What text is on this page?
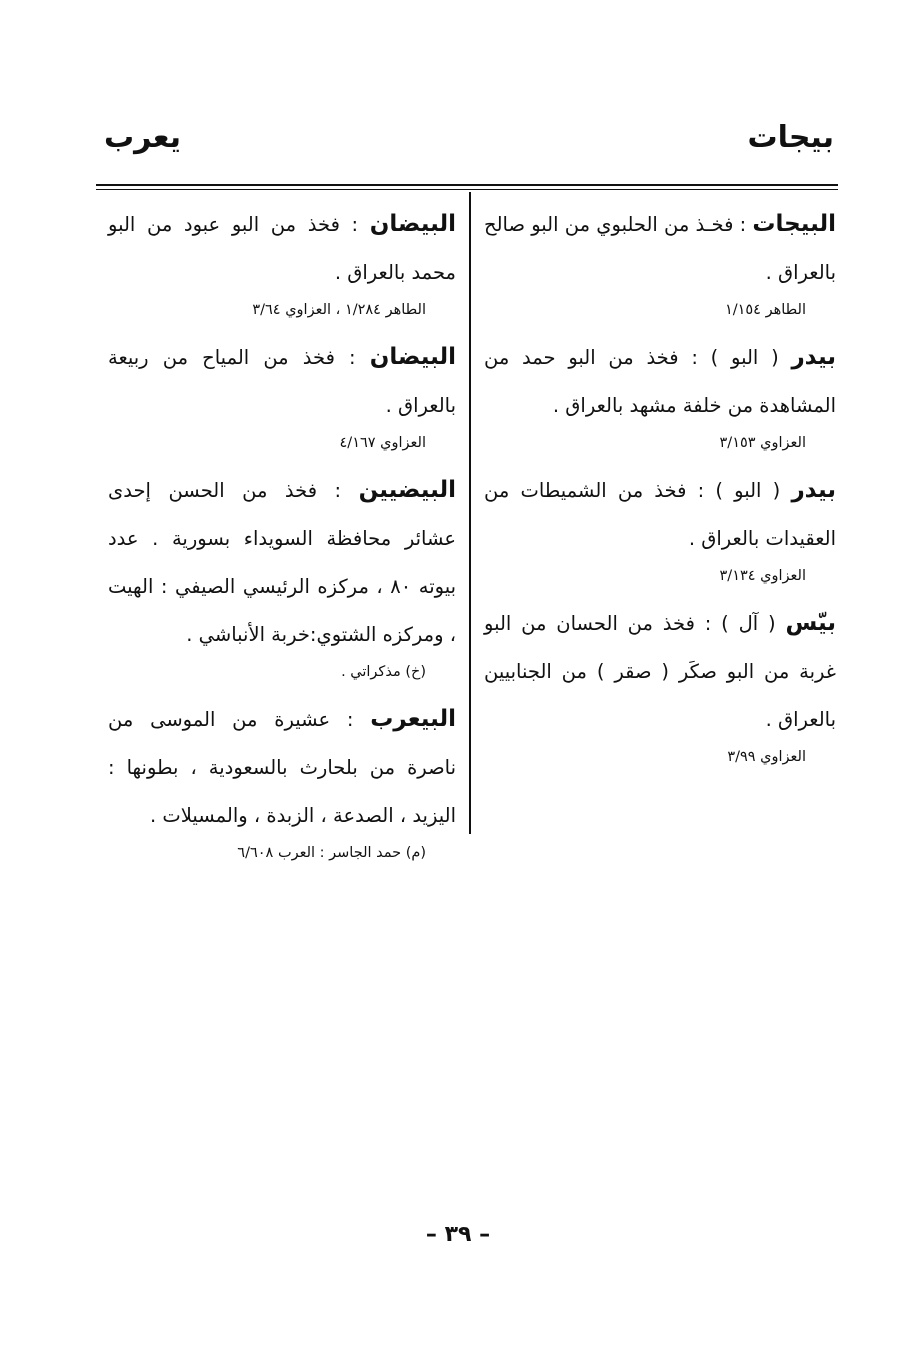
بيجات
يعرب

البيجات : فخـذ من الحلبوي من البو صالح بالعراق .

الطاهر ١/١٥٤

بيدر ( البو ) : فخذ من البو حمد من المشاهدة من خلفة مشهد بالعراق .

العزاوي ٣/١٥٣

بيدر ( البو ) : فخذ من الشميطات من العقيدات بالعراق .

العزاوي ٣/١٣٤

بيّس ( آل ) : فخذ من الحسان من البو غربة من البو صكَر ( صقر ) من الجنابيين بالعراق .

العزاوي ٣/٩٩

البيضان : فخذ من البو عبود من البو محمد بالعراق .

الطاهر ١/٢٨٤ ، العزاوي ٣/٦٤

البيضان : فخذ من المياح من ربيعة بالعراق .

العزاوي ٤/١٦٧

البيضيين : فخذ من الحسن إحدى عشائر محافظة السويداء بسورية . عدد بيوته ٨٠ ، مركزه الرئيسي الصيفي : الهيت ، ومركزه الشتوي:خربة الأنباشي .

(خ) مذكراتي .

البيعرب : عشيرة من الموسى من ناصرة من بلحارث بالسعودية ، بطونها : اليزيد ، الصدعة ، الزبدة ، والمسيلات .

(م) حمد الجاسر : العرب ٦/٦٠٨
– ٣٩ –
